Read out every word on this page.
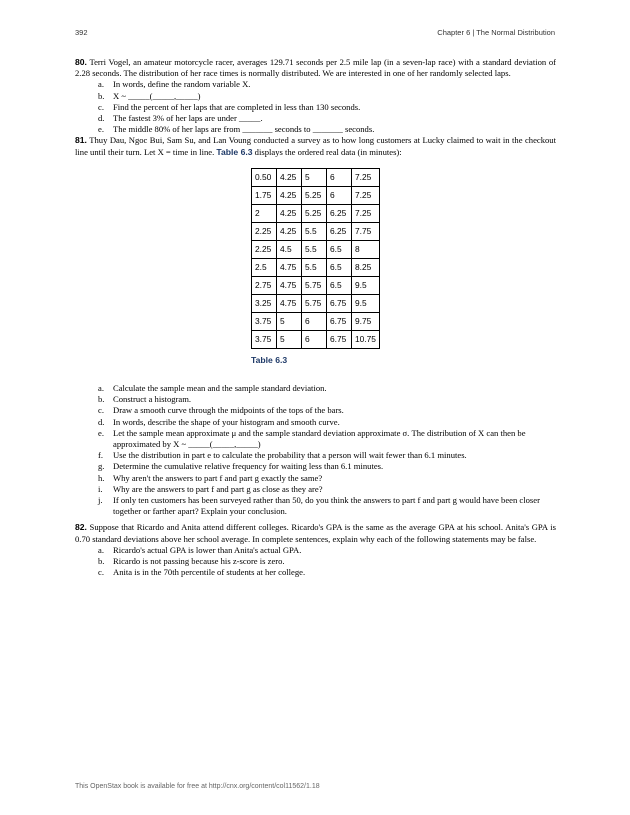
392	Chapter 6 | The Normal Distribution

80. Terri Vogel, an amateur motorcycle racer, averages 129.71 seconds per 2.5 mile lap (in a seven-lap race) with a standard deviation of 2.28 seconds. The distribution of her race times is normally distributed. We are interested in one of her randomly selected laps.

a.	In words, define the random variable X.
b. X ~ _____(_____,_____)
c.	Find the percent of her laps that are completed in less than 130 seconds.
d. The fastest 3% of her laps are under _____.
e.	The middle 80% of her laps are from _______ seconds to _______ seconds.

81. Thuy Dau, Ngoc Bui, Sam Su, and Lan Voung conducted a survey as to how long customers at Lucky claimed to wait in the checkout line until their turn. Let X = time in line. Table 6.3 displays the ordered real data (in minutes):

0.50	4.25	5	6	7.25
1.75	4.25	5.25	6	7.25
2	4.25	5.25	6.25	7.25
2.25	4.25	5.5	6.25	7.75
2.25	4.5	5.5	6.5	8
2.5	4.75	5.5	6.5	8.25
2.75	4.75	5.75	6.5	9.5
3.25	4.75	5.75	6.75	9.5
3.75	5	6	6.75	9.75
3.75	5	6	6.75	10.75
Table 6.3
a.	Calculate the sample mean and the sample standard deviation.
b. Construct a histogram.
c.	Draw a smooth curve through the midpoints of the tops of the bars.
d. In words, describe the shape of your histogram and smooth curve.
e.	Let the sample mean approximate μ and the sample standard deviation approximate σ. The distribution of X can then be approximated by X ~ _____(_____,_____)
f.	Use the distribution in part e to calculate the probability that a person will wait fewer than 6.1 minutes.
g. Determine the cumulative relative frequency for waiting less than 6.1 minutes.
h. Why aren't the answers to part f and part g exactly the same?
i.	Why are the answers to part f and part g as close as they are?
j.	If only ten customers has been surveyed rather than 50, do you think the answers to part f and part g would have been closer together or farther apart? Explain your conclusion.

82. Suppose that Ricardo and Anita attend different colleges. Ricardo's GPA is the same as the average GPA at his school. Anita's GPA is 0.70 standard deviations above her school average. In complete sentences, explain why each of the following statements may be false.

a.	Ricardo's actual GPA is lower than Anita's actual GPA.
b. Ricardo is not passing because his z-score is zero.
c.	Anita is in the 70th percentile of students at her college.
This OpenStax book is available for free at http://cnx.org/content/col11562/1.18
